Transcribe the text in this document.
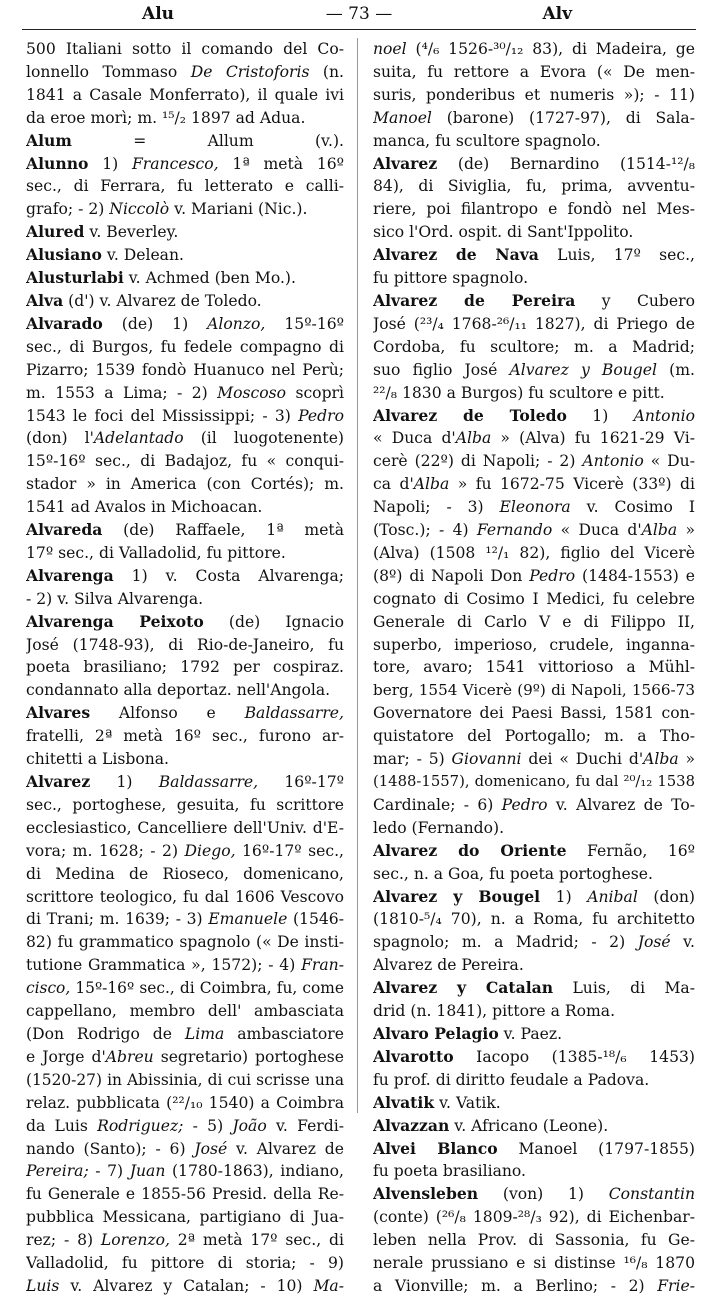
Alu	— 73 —	Alv
500 Italiani sotto il comando del Co-
lonnello Tommaso De Cristoforis (n.
1841 a Casale Monferrato), il quale ivi
da eroe morì; m. ¹⁵/₂ 1897 ad Adua.
Alum = Allum (v.).
Alunno 1) Francesco, 1ª metà 16º
sec., di Ferrara, fu letterato e calli-
grafo; - 2) Niccolò v. Mariani (Nic.).
Alured v. Beverley.
Alusiano v. Delean.
Alusturlabi v. Achmed (ben Mo.).
Alva (d') v. Alvarez de Toledo.
Alvarado (de) 1) Alonzo, 15º-16º
sec., di Burgos, fu fedele compagno di
Pizarro; 1539 fondò Huanuco nel Perù;
m. 1553 a Lima; - 2) Moscoso scoprì
1543 le foci del Mississippi; - 3) Pedro
(don) l'Adelantado (il luogotenente)
15º-16º sec., di Badajoz, fu « conqui-
stador » in America (con Cortés); m.
1541 ad Avalos in Michoacan.
Alvareda (de) Raffaele, 1ª metà
17º sec., di Valladolid, fu pittore.
Alvarenga 1) v. Costa Alvarenga;
- 2) v. Silva Alvarenga.
Alvarenga Peixoto (de) Ignacio
José (1748-93), di Rio-de-Janeiro, fu
poeta brasiliano; 1792 per cospiraz.
condannato alla deportaz. nell'Angola.
Alvares Alfonso e Baldassarre,
fratelli, 2ª metà 16º sec., furono ar-
chitetti a Lisbona.
Alvarez 1) Baldassarre, 16º-17º
sec., portoghese, gesuita, fu scrittore
ecclesiastico, Cancelliere dell'Univ. d'E-
vora; m. 1628; - 2) Diego, 16º-17º sec.,
di Medina de Rioseco, domenicano,
scrittore teologico, fu dal 1606 Vescovo
di Trani; m. 1639; - 3) Emanuele (1546-
82) fu grammatico spagnolo (« De insti-
tutione Grammatica », 1572); - 4) Fran-
cisco, 15º-16º sec., di Coimbra, fu, come
cappellano, membro dell' ambasciata
(Don Rodrigo de Lima ambasciatore
e Jorge d'Abreu segretario) portoghese
(1520-27) in Abissinia, di cui scrisse una
relaz. pubblicata (²²/₁₀ 1540) a Coimbra
da Luis Rodriguez; - 5) João v. Ferdi-
nando (Santo); - 6) José v. Alvarez de
Pereira; - 7) Juan (1780-1863), indiano,
fu Generale e 1855-56 Presid. della Re-
pubblica Messicana, partigiano di Jua-
rez; - 8) Lorenzo, 2ª metà 17º sec., di
Valladolid, fu pittore di storia; - 9)
Luis v. Alvarez y Catalan; - 10) Ma-
noel (⁴/₆ 1526-³⁰/₁₂ 83), di Madeira, ge
suita, fu rettore a Evora (« De men-
suris, ponderibus et numeris »); - 11)
Manoel (barone) (1727-97), di Sala-
manca, fu scultore spagnolo.
Alvarez (de) Bernardino (1514-¹²/₈
84), di Siviglia, fu, prima, avventu-
riere, poi filantropo e fondò nel Mes-
sico l'Ord. ospit. di Sant'Ippolito.
Alvarez de Nava Luis, 17º sec.,
fu pittore spagnolo.
Alvarez de Pereira y Cubero
José (²³/₄ 1768-²⁶/₁₁ 1827), di Priego de
Cordoba, fu scultore; m. a Madrid;
suo figlio José Alvarez y Bougel (m.
²²/₈ 1830 a Burgos) fu scultore e pitt.
Alvarez de Toledo 1) Antonio
« Duca d'Alba » (Alva) fu 1621-29 Vi-
cerè (22º) di Napoli; - 2) Antonio « Du-
ca d'Alba » fu 1672-75 Vicerè (33º) di
Napoli; - 3) Eleonora v. Cosimo I
(Tosc.); - 4) Fernando « Duca d'Alba »
(Alva) (1508 ¹²/₁ 82), figlio del Vicerè
(8º) di Napoli Don Pedro (1484-1553) e
cognato di Cosimo I Medici, fu celebre
Generale di Carlo V e di Filippo II,
superbo, imperioso, crudele, inganna-
tore, avaro; 1541 vittorioso a Mühl-
berg, 1554 Vicerè (9º) di Napoli, 1566-73
Governatore dei Paesi Bassi, 1581 con-
quistatore del Portogallo; m. a Tho-
mar; - 5) Giovanni dei « Duchi d'Alba »
(1488-1557), domenicano, fu dal ²⁰/₁₂ 1538
Cardinale; - 6) Pedro v. Alvarez de To-
ledo (Fernando).
Alvarez do Oriente Fernão, 16º
sec., n. a Goa, fu poeta portoghese.
Alvarez y Bougel 1) Anibal (don)
(1810-⁵/₄ 70), n. a Roma, fu architetto
spagnolo; m. a Madrid; - 2) José v.
Alvarez de Pereira.
Alvarez y Catalan Luis, di Ma-
drid (n. 1841), pittore a Roma.
Alvaro Pelagio v. Paez.
Alvarotto Iacopo (1385-¹⁸/₆ 1453)
fu prof. di diritto feudale a Padova.
Alvatik v. Vatik.
Alvazzan v. Africano (Leone).
Alvei Blanco Manoel (1797-1855)
fu poeta brasiliano.
Alvensleben (von) 1) Constantin
(conte) (²⁶/₈ 1809-²⁸/₃ 92), di Eichenbar-
leben nella Prov. di Sassonia, fu Ge-
nerale prussiano e si distinse ¹⁶/₈ 1870
a Vionville; m. a Berlino; - 2) Frie-
